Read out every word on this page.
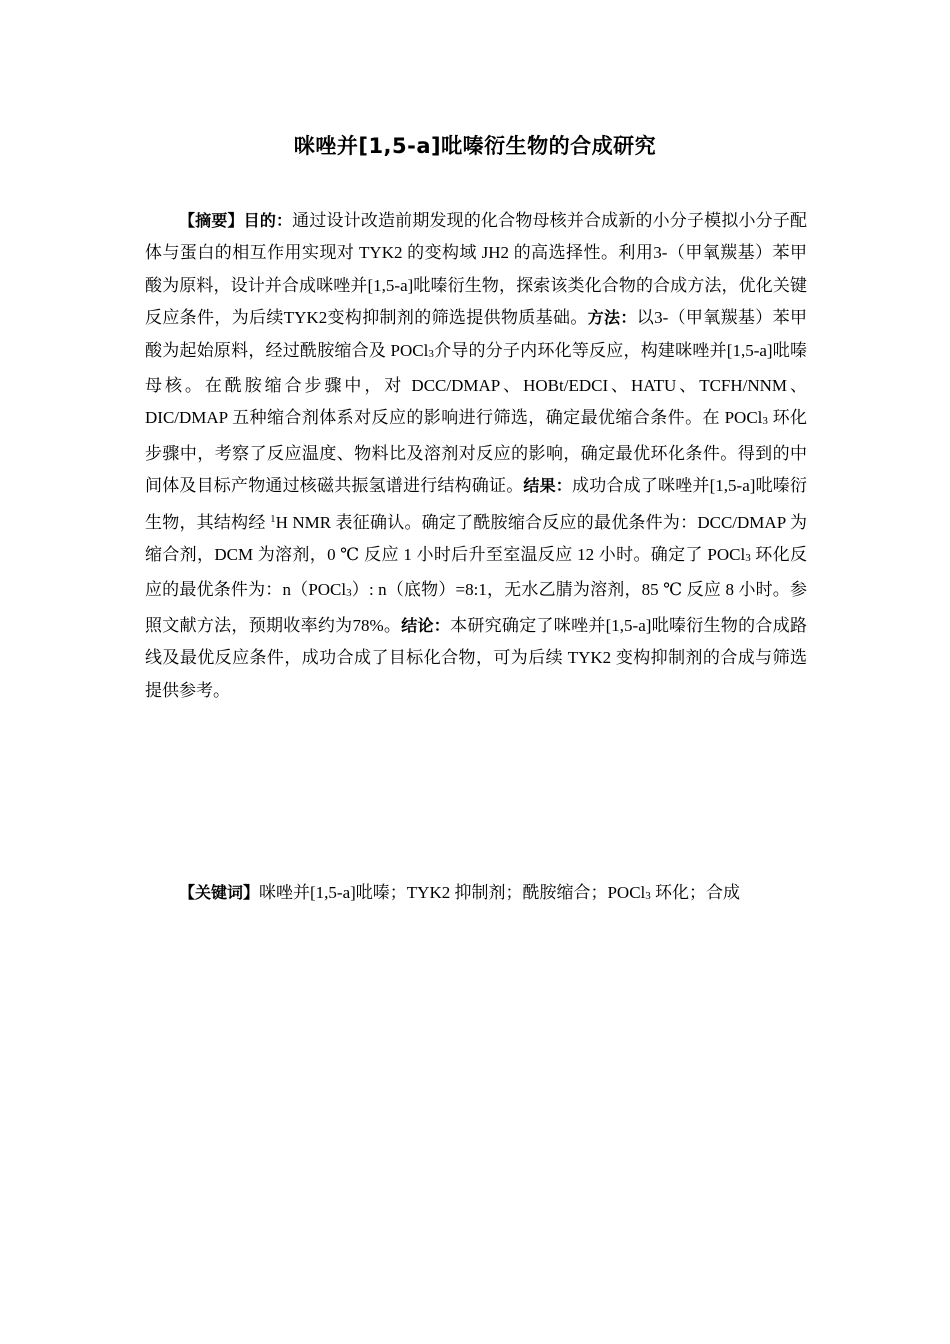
咪唑并[1,5-a]吡嗪衍生物的合成研究

【摘要】目的：通过设计改造前期发现的化合物母核并合成新的小分子模拟小分子配体与蛋白的相互作用实现对 TYK2 的变构域 JH2 的高选择性。利用3-（甲氧羰基）苯甲酸为原料，设计并合成咪唑并[1,5-a]吡嗪衍生物，探索该类化合物的合成方法，优化关键反应条件，为后续TYK2变构抑制剂的筛选提供物质基础。方法：以3-（甲氧羰基）苯甲酸为起始原料，经过酰胺缩合及 POCl3介导的分子内环化等反应，构建咪唑并[1,5-a]吡嗪母核。在酰胺缩合步骤中，对 DCC/DMAP、HOBt/EDCI、HATU、TCFH/NNM、DIC/DMAP 五种缩合剂体系对反应的影响进行筛选，确定最优缩合条件。在 POCl3 环化步骤中，考察了反应温度、物料比及溶剂对反应的影响，确定最优环化条件。得到的中间体及目标产物通过核磁共振氢谱进行结构确证。结果：成功合成了咪唑并[1,5-a]吡嗪衍生物，其结构经 $^1$H NMR 表征确认。确定了酰胺缩合反应的最优条件为：DCC/DMAP 为缩合剂，DCM 为溶剂，0 ℃ 反应 1 小时后升至室温反应 12 小时。确定了 POCl3 环化反应的最优条件为：n（POCl3）: n（底物）=8:1，无水乙腈为溶剂，85 ℃ 反应 8 小时。参照文献方法，预期收率约为78%。结论：本研究确定了咪唑并[1,5-a]吡嗪衍生物的合成路线及最优反应条件，成功合成了目标化合物，可为后续 TYK2 变构抑制剂的合成与筛选提供参考。

【关键词】咪唑并[1,5-a]吡嗪；TYK2 抑制剂；酰胺缩合；POCl3 环化；合成
